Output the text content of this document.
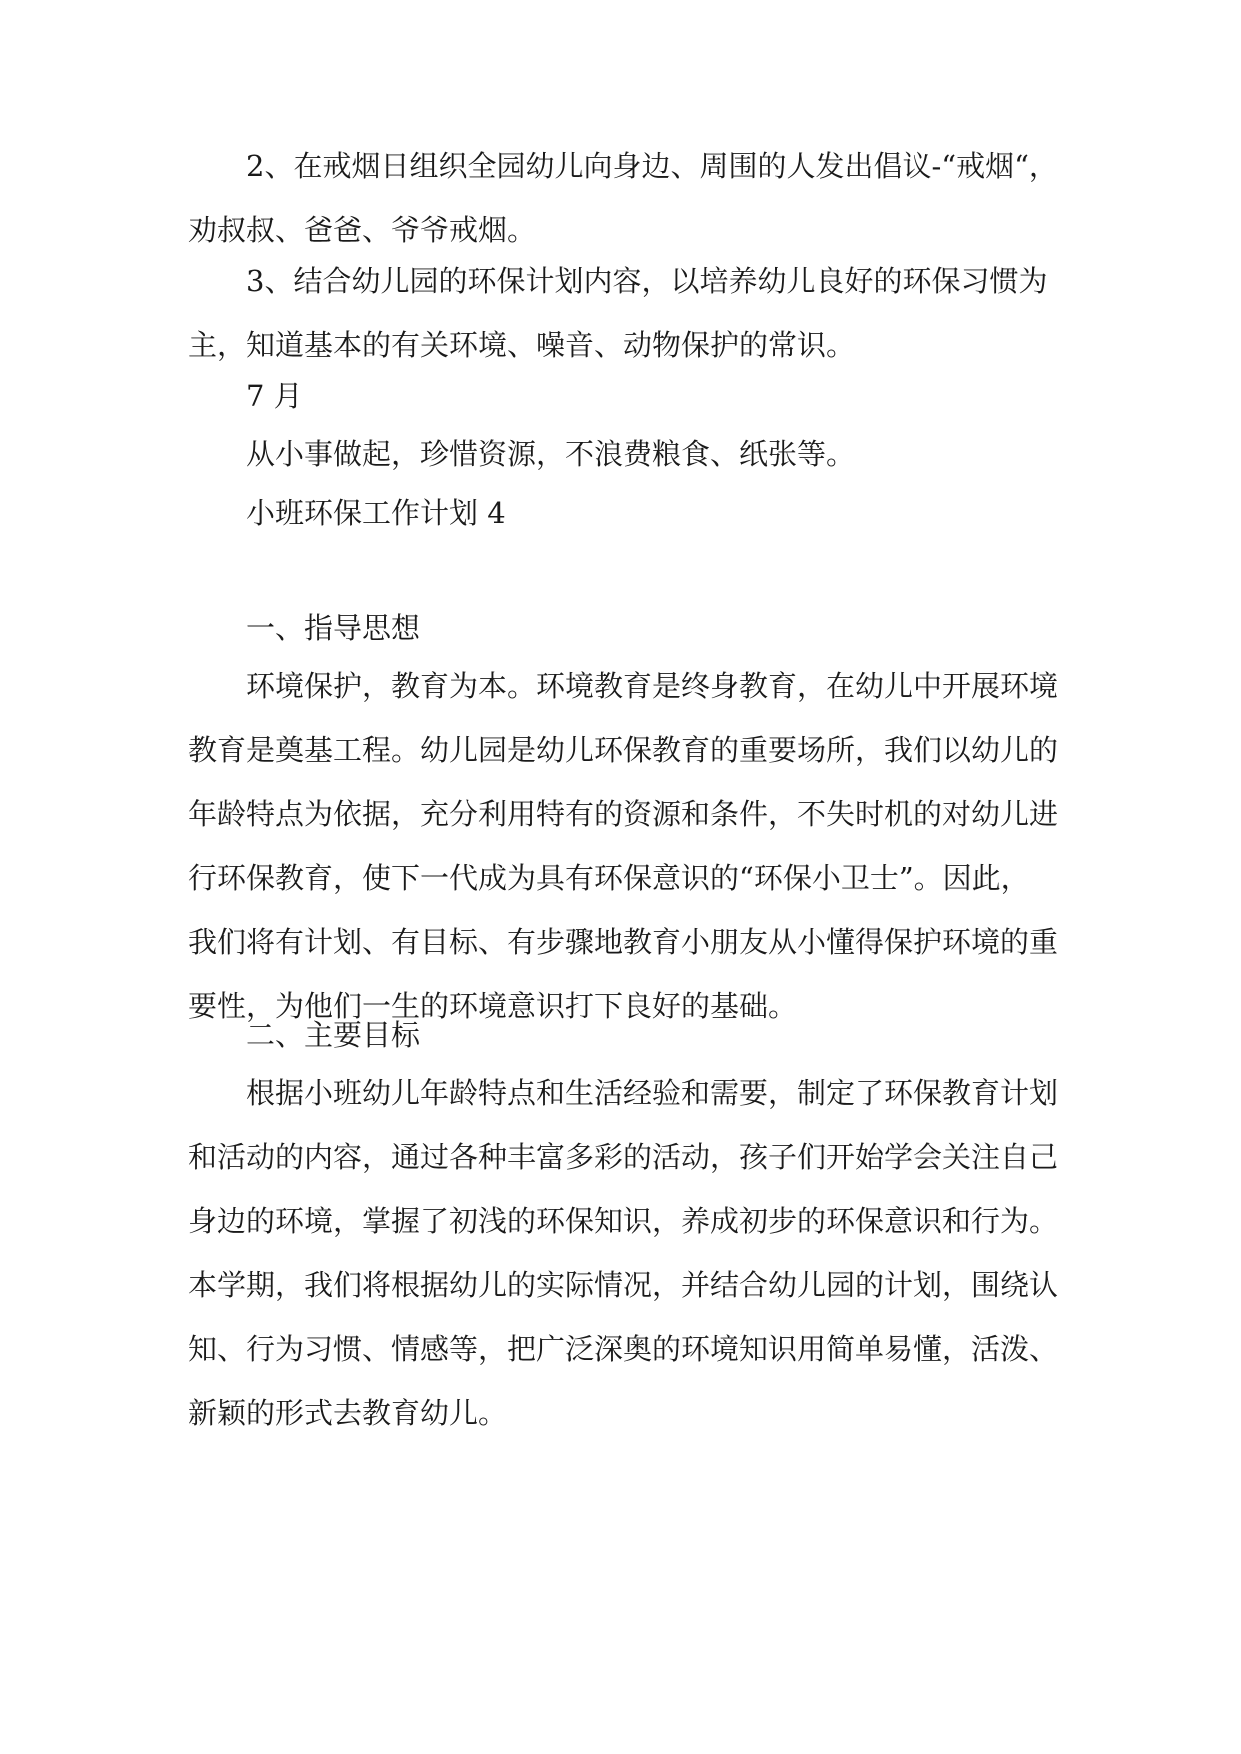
2、在戒烟日组织全园幼儿向身边、周围的人发出倡议-“戒烟“，
劝叔叔、爸爸、爷爷戒烟。
3、结合幼儿园的环保计划内容，以培养幼儿良好的环保习惯为
主，知道基本的有关环境、噪音、动物保护的常识。
7 月
从小事做起，珍惜资源，不浪费粮食、纸张等。
小班环保工作计划 4
一、指导思想
环境保护，教育为本。环境教育是终身教育，在幼儿中开展环境
教育是奠基工程。幼儿园是幼儿环保教育的重要场所，我们以幼儿的
年龄特点为依据，充分利用特有的资源和条件，不失时机的对幼儿进
行环保教育，使下一代成为具有环保意识的“环保小卫士”。因此，
我们将有计划、有目标、有步骤地教育小朋友从小懂得保护环境的重
要性，为他们一生的环境意识打下良好的基础。
二、主要目标
根据小班幼儿年龄特点和生活经验和需要，制定了环保教育计划
和活动的内容，通过各种丰富多彩的活动，孩子们开始学会关注自己
身边的环境，掌握了初浅的环保知识，养成初步的环保意识和行为。
本学期，我们将根据幼儿的实际情况，并结合幼儿园的计划，围绕认
知、行为习惯、情感等，把广泛深奥的环境知识用简单易懂，活泼、
新颖的形式去教育幼儿。
